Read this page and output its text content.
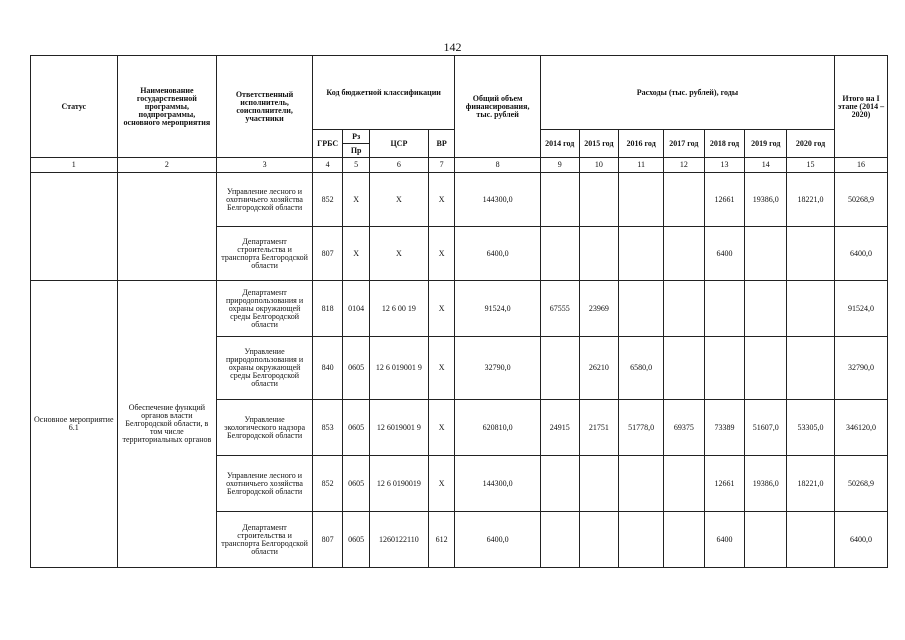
142
Статус	Наименование государственной программы, подпрограммы, основного мероприятия	Ответственный исполнитель, соисполнители, участники	Код бюджетной классификации				Общий объем финансирования, тыс. рублей	Расходы (тыс. рублей), годы							Итого на I этапе (2014 – 2020)
			ГРБС	Рз	ЦСР	ВР		2014 год	2015 год	2016 год	2017 год	2018 год	2019 год	2020 год	
				Пр											
1	2	3	4	5	6	7	8	9	10	11	12	13	14	15	16
		Управление лесного и охотничьего хозяйства Белгородской области	852	Х	Х	Х	144300,0					12661	19386,0	18221,0	50268,9
		Департамент строительства и транспорта Белгородской области	807	Х	Х	Х	6400,0					6400			6400,0
Основное мероприятие 6.1	Обеспечение функций органов власти Белгородской области, в том числе территориальных органов	Департамент природопользования и охраны окружающей среды Белгородской области	818	0104	12 6 00 19	Х	91524,0	67555	23969						91524,0
		Управление природопользования и охраны окружающей среды Белгородской области	840	0605	12 6 019001 9	Х	32790,0		26210	6580,0					32790,0
		Управление экологического надзора Белгородской области	853	0605	12 6019001 9	Х	620810,0	24915	21751	51778,0	69375	73389	51607,0	53305,0	346120,0
		Управление лесного и охотничьего хозяйства Белгородской области	852	0605	12 6 0190019	Х	144300,0					12661	19386,0	18221,0	50268,9
		Департамент строительства и транспорта Белгородской области	807	0605	1260122110	612	6400,0					6400			6400,0
